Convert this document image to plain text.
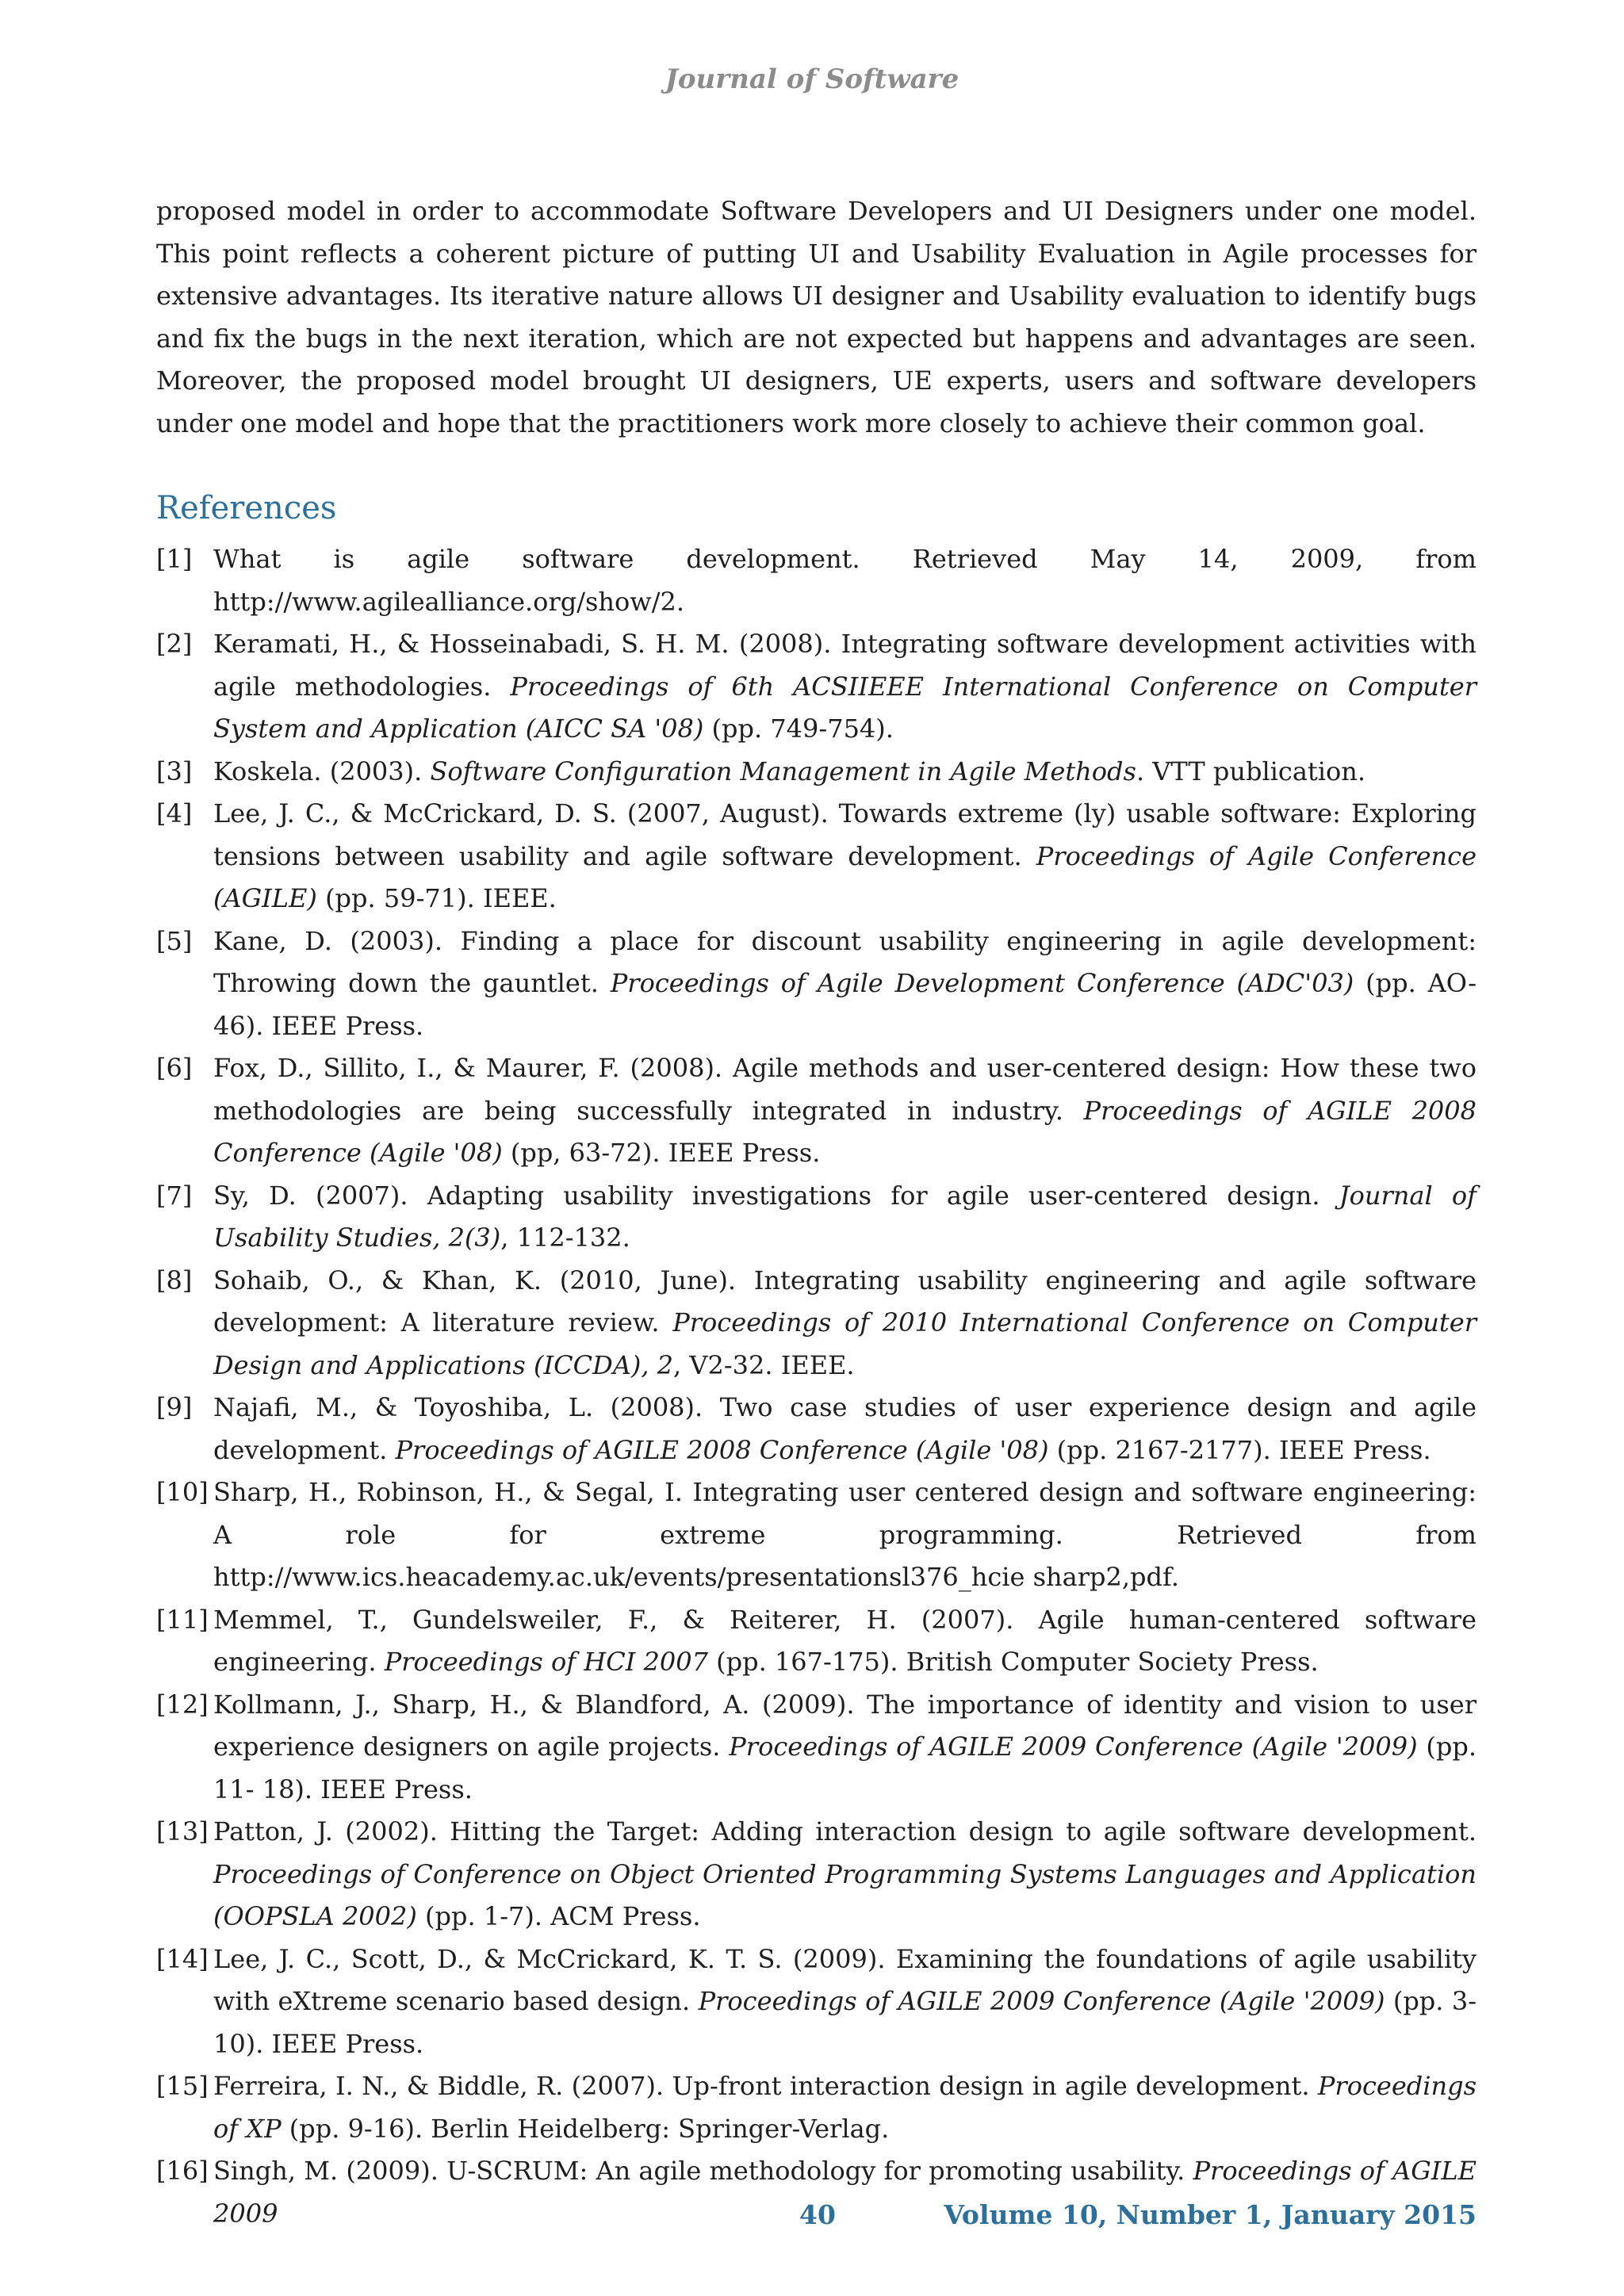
Journal of Software

proposed model in order to accommodate Software Developers and UI Designers under one model. This point reflects a coherent picture of putting UI and Usability Evaluation in Agile processes for extensive advantages. Its iterative nature allows UI designer and Usability evaluation to identify bugs and fix the bugs in the next iteration, which are not expected but happens and advantages are seen. Moreover, the proposed model brought UI designers, UE experts, users and software developers under one model and hope that the practitioners work more closely to achieve their common goal.

References
[1] What is agile software development. Retrieved May 14, 2009, from http://www.agilealliance.org/show/2.
[2] Keramati, H., & Hosseinabadi, S. H. M. (2008). Integrating software development activities with agile methodologies. Proceedings of 6th ACSIIEEE International Conference on Computer System and Application (AICC SA '08) (pp. 749-754).
[3] Koskela. (2003). Software Configuration Management in Agile Methods. VTT publication.
[4] Lee, J. C., & McCrickard, D. S. (2007, August). Towards extreme (ly) usable software: Exploring tensions between usability and agile software development. Proceedings of Agile Conference (AGILE) (pp. 59-71). IEEE.
[5] Kane, D. (2003). Finding a place for discount usability engineering in agile development: Throwing down the gauntlet. Proceedings of Agile Development Conference (ADC'03) (pp. AO-46). IEEE Press.
[6] Fox, D., Sillito, I., & Maurer, F. (2008). Agile methods and user-centered design: How these two methodologies are being successfully integrated in industry. Proceedings of AGILE 2008 Conference (Agile '08) (pp, 63-72). IEEE Press.
[7] Sy, D. (2007). Adapting usability investigations for agile user-centered design. Journal of Usability Studies, 2(3), 112-132.
[8] Sohaib, O., & Khan, K. (2010, June). Integrating usability engineering and agile software development: A literature review. Proceedings of 2010 International Conference on Computer Design and Applications (ICCDA), 2, V2-32. IEEE.
[9] Najafi, M., & Toyoshiba, L. (2008). Two case studies of user experience design and agile development. Proceedings of AGILE 2008 Conference (Agile '08) (pp. 2167-2177). IEEE Press.
[10] Sharp, H., Robinson, H., & Segal, I. Integrating user centered design and software engineering: A role for extreme programming. Retrieved from http://www.ics.heacademy.ac.uk/events/presentationsl376_hcie sharp2,pdf.
[11] Memmel, T., Gundelsweiler, F., & Reiterer, H. (2007). Agile human-centered software engineering. Proceedings of HCI 2007 (pp. 167-175). British Computer Society Press.
[12] Kollmann, J., Sharp, H., & Blandford, A. (2009). The importance of identity and vision to user experience designers on agile projects. Proceedings of AGILE 2009 Conference (Agile '2009) (pp. 11- 18). IEEE Press.
[13] Patton, J. (2002). Hitting the Target: Adding interaction design to agile software development. Proceedings of Conference on Object Oriented Programming Systems Languages and Application (OOPSLA 2002) (pp. 1-7). ACM Press.
[14] Lee, J. C., Scott, D., & McCrickard, K. T. S. (2009). Examining the foundations of agile usability with eXtreme scenario based design. Proceedings of AGILE 2009 Conference (Agile '2009) (pp. 3-10). IEEE Press.
[15] Ferreira, I. N., & Biddle, R. (2007). Up-front interaction design in agile development. Proceedings of XP (pp. 9-16). Berlin Heidelberg: Springer-Verlag.
[16] Singh, M. (2009). U-SCRUM: An agile methodology for promoting usability. Proceedings of AGILE 2009	40	Volume 10, Number 1, January 2015
